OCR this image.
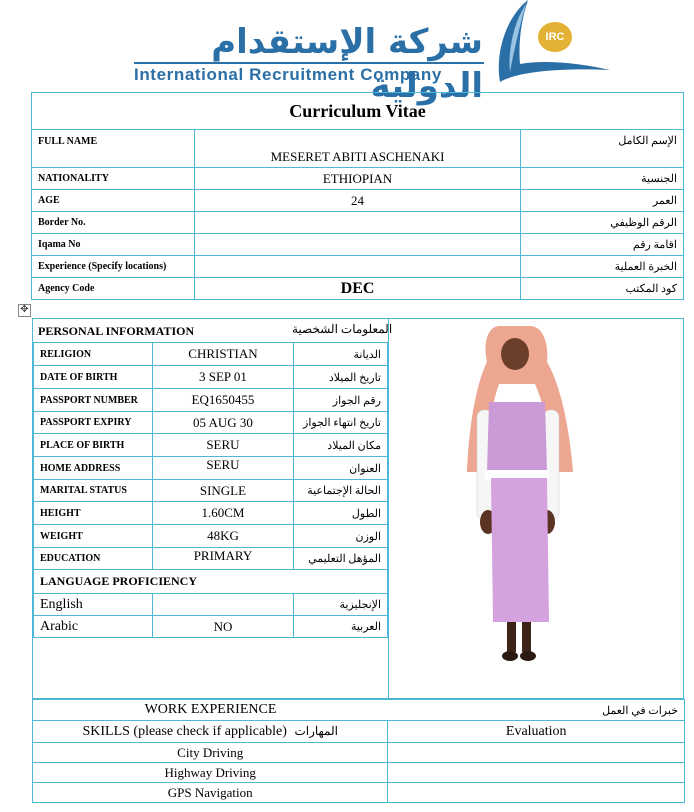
شركة الإستقدام الدولية
International Recruitment Company
IRC
Curriculum Vitae		
FULL NAME	MESERET ABITI ASCHENAKI	الإسم الكامل
NATIONALITY	ETHIOPIAN	الجنسية
AGE	24	العمر
Border No.		الرقم الوظيفي
Iqama No		اقامة رقم
Experience (Specify locations)		الخبرة العملية
Agency Code	DEC	كود المكتب
✥
PERSONAL INFORMATION	المعلومات الشخصية
RELIGION	CHRISTIAN	الديانة
DATE OF BIRTH	3 SEP 01	تاريخ الميلاد
PASSPORT NUMBER	EQ1650455	رقم الجواز
PASSPORT EXPIRY	05 AUG 30	تاريخ انتهاء الجواز
PLACE OF BIRTH	SERU	مكان الميلاد
HOME ADDRESS	SERU	العنوان
MARITAL STATUS	SINGLE	الحالة الإجتماعية
HEIGHT	1.60CM	الطول
WEIGHT	48KG	الوزن
EDUCATION	PRIMARY	المؤهل التعليمي
LANGUAGE PROFICIENCY		
English		الإنجليزية
Arabic	NO	العربية
WORK EXPERIENCE	خبرات في العمل
SKILLS (please check if applicable) المهارات	Evaluation
City Driving	
Highway Driving	
GPS Navigation	
